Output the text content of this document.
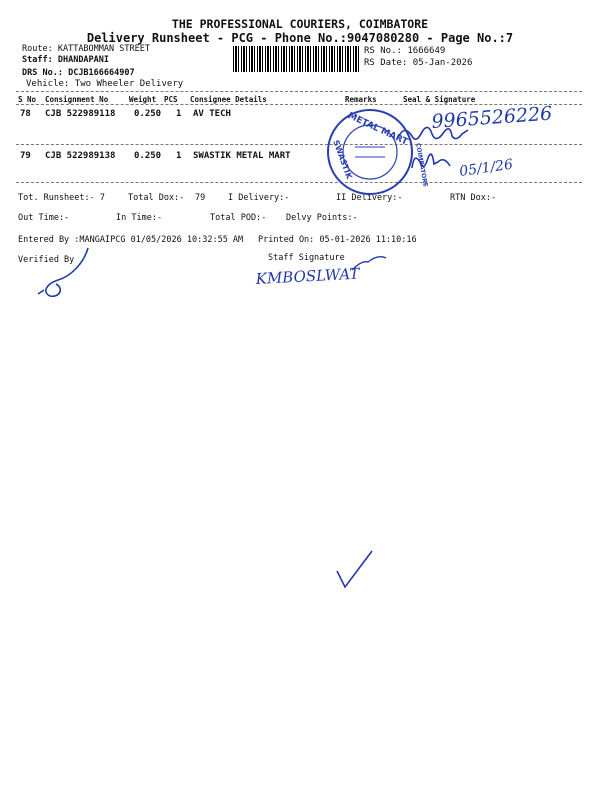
THE PROFESSIONAL COURIERS, COIMBATORE
Delivery Runsheet - PCG - Phone No.:9047080280 - Page No.:7
Route: KATTABOMMAN STREET
Staff: DHANDAPANI
DRS No.: DCJB166664907
Vehicle: Two Wheeler Delivery
RS No.: 1666649
RS Date: 05-Jan-2026
S No Consignment No	Weight PCS Consignee Details	Remarks	Seal & Signature
78 CJB 522989118 0.250 1 AV TECH
79 CJB 522989138 0.250 1 SWASTIK METAL MART
Tot. Runsheet:- 7	Total Dox:- 79	I Delivery:-	II Delivery:-	RTN Dox:-
Out Time:-	In Time:-	Total POD:- Delvy Points:-
Entered By :MANGAIPCG 01/05/2026 10:32:55 AM Printed On: 05-01-2026 11:10:16
Verified By	Staff Signature
METAL MART
SWASTIK	COIMBATORE
9965526226
05/1/26
KMBOSLWAT
